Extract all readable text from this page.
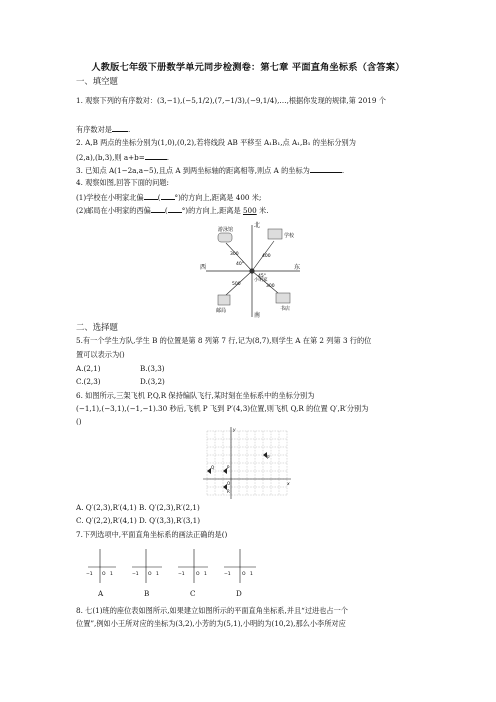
人教版七年级下册数学单元同步检测卷：第七章 平面直角坐标系（含答案）
一、填空题
1. 观察下列的有序数对：(3,−1),(−5,1/2),(7,−1/3),(−9,1/4),…,根据你发现的规律,第 2019 个
有序数对是 .
2. A,B 两点的坐标分别为(1,0),(0,2),若将线段 AB 平移至 A₁B₁,点 A₁,B₁ 的坐标分别为
(2,a),(b,3),则 a+b=	.
3. 已知点 A(1−2a,a−5),且点 A 到两坐标轴的距离相等,则点 A 的坐标为	.
4. 观察如图,回答下面的问题:
(1)学校在小明家北偏 ( °)的方向上,距离是 400 米;
(2)邮局在小明家的西偏 ( °)的方向上,距离是 500 米.
北
南
东
西
学校
游泳馆
邮局	书店
小明家
40°
45°
400
300
500	300
二、选择题
5.有一个学生方队,学生 B 的位置是第 8 列第 7 行,记为(8,7),则学生 A 在第 2 列第 3 行的位
置可以表示为()
A.(2,1)	B.(3,3)
C.(2,3)	D.(3,2)
6. 如图所示,三架飞机 P,Q,R 保持编队飞行,某时刻在坐标系中的坐标分别为
(−1,1),(−3,1),(−1,−1).30 秒后,飞机 P 飞到 P′(4,3)位置,则飞机 Q,R 的位置 Q′,R′分别为
()
x
y
O
P′
P
Q
R
A. Q′(2,3),R′(4,1) B. Q′(2,3),R′(2,1)
C. Q′(2,2),R′(4,1) D. Q′(3,3),R′(3,1)
7.下列选项中,平面直角坐标系的画法正确的是()
−1 O 1	−1 O 1	−1	O 1	−1	O 1
A	B	C	D
8. 七(1)班的座位表如图所示,如果建立如图所示的平面直角坐标系,并且“过进也占一个
位置”,例如小王所对应的坐标为(3,2),小芳的为(5,1),小明的为(10,2),那么小李所对应
